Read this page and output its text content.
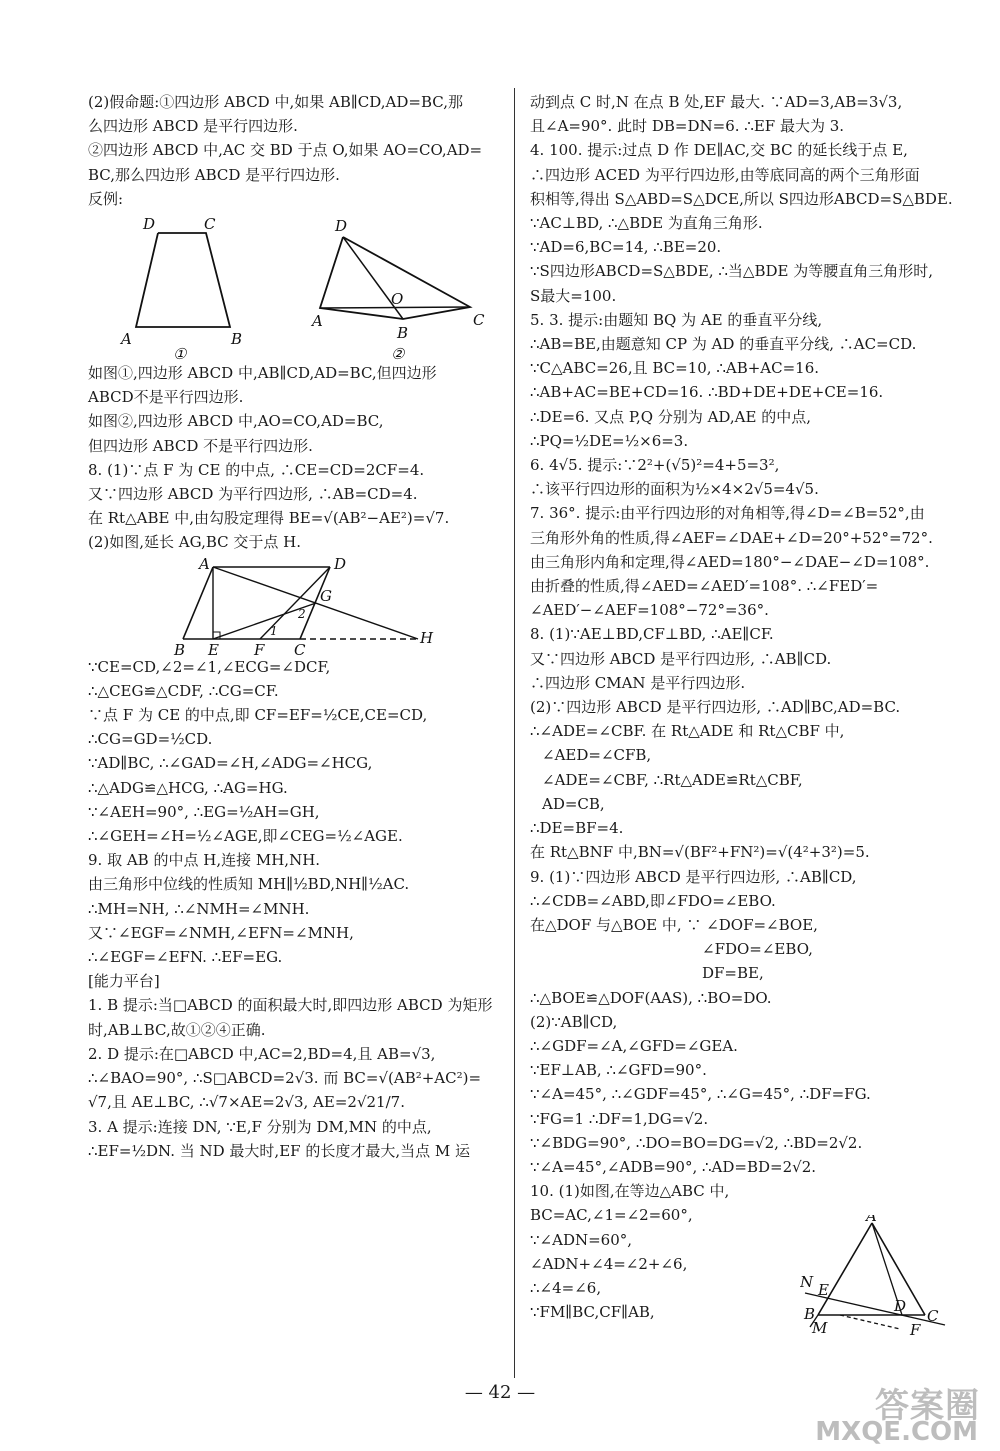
(2)假命题:①四边形 ABCD 中,如果 AB∥CD,AD=BC,那
么四边形 ABCD 是平行四边形.
②四边形 ABCD 中,AC 交 BD 于点 O,如果 AO=CO,AD=
BC,那么四边形 ABCD 是平行四边形.
反例:
D	C
A	B
①
D
O
A
B
C
②
如图①,四边形 ABCD 中,AB∥CD,AD=BC,但四边形
ABCD不是平行四边形.
如图②,四边形 ABCD 中,AO=CO,AD=BC,
但四边形 ABCD 不是平行四边形.
8. (1)∵点 F 为 CE 的中点, ∴CE=CD=2CF=4.
又∵四边形 ABCD 为平行四边形, ∴AB=CD=4.
在 Rt△ABE 中,由勾股定理得 BE=√(AB²−AE²)=√7.
(2)如图,延长 AG,BC 交于点 H.
A	D
G
B E F C
H
1
2
∵CE=CD,∠2=∠1,∠ECG=∠DCF,
∴△CEG≌△CDF, ∴CG=CF.
∵点 F 为 CE 的中点,即 CF=EF=½CE,CE=CD,
∴CG=GD=½CD.
∵AD∥BC, ∴∠GAD=∠H,∠ADG=∠HCG,
∴△ADG≌△HCG, ∴AG=HG.
∵∠AEH=90°, ∴EG=½AH=GH,
∴∠GEH=∠H=½∠AGE,即∠CEG=½∠AGE.
9. 取 AB 的中点 H,连接 MH,NH.
由三角形中位线的性质知 MH∥½BD,NH∥½AC.
∴MH=NH, ∴∠NMH=∠MNH.
又∵∠EGF=∠NMH,∠EFN=∠MNH,
∴∠EGF=∠EFN. ∴EF=EG.
[能力平台]
1. B 提示:当□ABCD 的面积最大时,即四边形 ABCD 为矩形
时,AB⊥BC,故①②④正确.
2. D 提示:在□ABCD 中,AC=2,BD=4,且 AB=√3,
∴∠BAO=90°, ∴S□ABCD=2√3. 而 BC=√(AB²+AC²)=
√7,且 AE⊥BC, ∴√7×AE=2√3, AE=2√21/7.
3. A 提示:连接 DN, ∵E,F 分别为 DM,MN 的中点,
∴EF=½DN. 当 ND 最大时,EF 的长度才最大,当点 M 运
动到点 C 时,N 在点 B 处,EF 最大. ∵AD=3,AB=3√3,
且∠A=90°. 此时 DB=DN=6. ∴EF 最大为 3.
4. 100. 提示:过点 D 作 DE∥AC,交 BC 的延长线于点 E,
∴四边形 ACED 为平行四边形,由等底同高的两个三角形面
积相等,得出 S△ABD=S△DCE,所以 S四边形ABCD=S△BDE.
∵AC⊥BD, ∴△BDE 为直角三角形.
∵AD=6,BC=14, ∴BE=20.
∵S四边形ABCD=S△BDE, ∴当△BDE 为等腰直角三角形时,
S最大=100.
5. 3. 提示:由题知 BQ 为 AE 的垂直平分线,
∴AB=BE,由题意知 CP 为 AD 的垂直平分线, ∴AC=CD.
∵C△ABC=26,且 BC=10, ∴AB+AC=16.
∴AB+AC=BE+CD=16. ∴BD+DE+DE+CE=16.
∴DE=6. 又点 P,Q 分别为 AD,AE 的中点,
∴PQ=½DE=½×6=3.
6. 4√5. 提示:∵2²+(√5)²=4+5=3²,
∴该平行四边形的面积为½×4×2√5=4√5.
7. 36°. 提示:由平行四边形的对角相等,得∠D=∠B=52°,由
三角形外角的性质,得∠AEF=∠DAE+∠D=20°+52°=72°.
由三角形内角和定理,得∠AED=180°−∠DAE−∠D=108°.
由折叠的性质,得∠AED=∠AED′=108°. ∴∠FED′=
∠AED′−∠AEF=108°−72°=36°.
8. (1)∵AE⊥BD,CF⊥BD, ∴AE∥CF.
又∵四边形 ABCD 是平行四边形, ∴AB∥CD.
∴四边形 CMAN 是平行四边形.
(2)∵四边形 ABCD 是平行四边形, ∴AD∥BC,AD=BC.
∴∠ADE=∠CBF. 在 Rt△ADE 和 Rt△CBF 中,
∠AED=∠CFB,
∠ADE=∠CBF, ∴Rt△ADE≌Rt△CBF,
AD=CB,
∴DE=BF=4.
在 Rt△BNF 中,BN=√(BF²+FN²)=√(4²+3²)=5.
9. (1)∵四边形 ABCD 是平行四边形, ∴AB∥CD,
∴∠CDB=∠ABD,即∠FDO=∠EBO.
在△DOF 与△BOE 中, ∵ ∠DOF=∠BOE,
∠FDO=∠EBO,
DF=BE,
∴△BOE≌△DOF(AAS), ∴BO=DO.
(2)∵AB∥CD,
∴∠GDF=∠A,∠GFD=∠GEA.
∵EF⊥AB, ∴∠GFD=90°.
∵∠A=45°, ∴∠GDF=45°, ∴∠G=45°, ∴DF=FG.
∵FG=1 ∴DF=1,DG=√2.
∵∠BDG=90°, ∴DO=BO=DG=√2, ∴BD=2√2.
∵∠A=45°,∠ADB=90°, ∴AD=BD=2√2.
10. (1)如图,在等边△ABC 中,
BC=AC,∠1=∠2=60°,
∵∠ADN=60°,
∠ADN+∠4=∠2+∠6,
∴∠4=∠6,
∵FM∥BC,CF∥AB,
A
N E
B	D
C
M	F
— 42 —	答案圈
MXQE.COM
